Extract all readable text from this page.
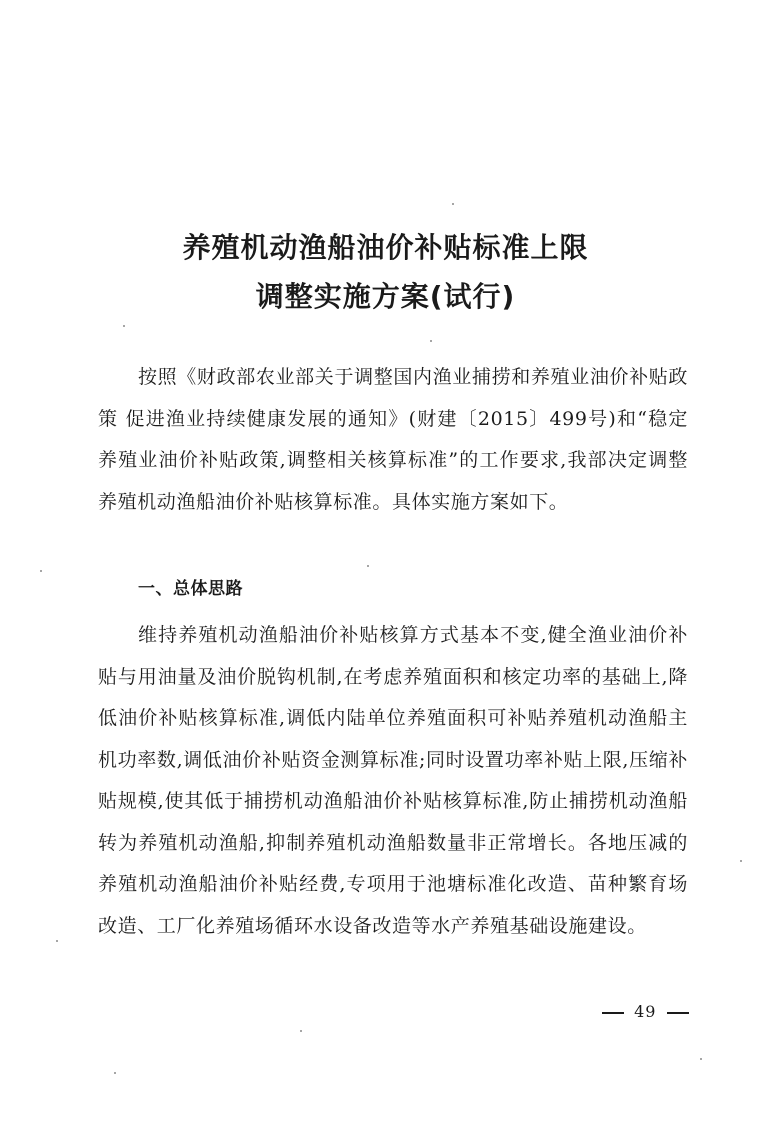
养殖机动渔船油价补贴标准上限
调整实施方案(试行)

按照《财政部农业部关于调整国内渔业捕捞和养殖业油价补贴政策 促进渔业持续健康发展的通知》(财建〔2015〕499号)和“稳定养殖业油价补贴政策,调整相关核算标准”的工作要求,我部决定调整养殖机动渔船油价补贴核算标准。具体实施方案如下。

一、总体思路

维持养殖机动渔船油价补贴核算方式基本不变,健全渔业油价补贴与用油量及油价脱钩机制,在考虑养殖面积和核定功率的基础上,降低油价补贴核算标准,调低内陆单位养殖面积可补贴养殖机动渔船主机功率数,调低油价补贴资金测算标准;同时设置功率补贴上限,压缩补贴规模,使其低于捕捞机动渔船油价补贴核算标准,防止捕捞机动渔船转为养殖机动渔船,抑制养殖机动渔船数量非正常增长。各地压减的养殖机动渔船油价补贴经费,专项用于池塘标准化改造、苗种繁育场改造、工厂化养殖场循环水设备改造等水产养殖基础设施建设。

49
